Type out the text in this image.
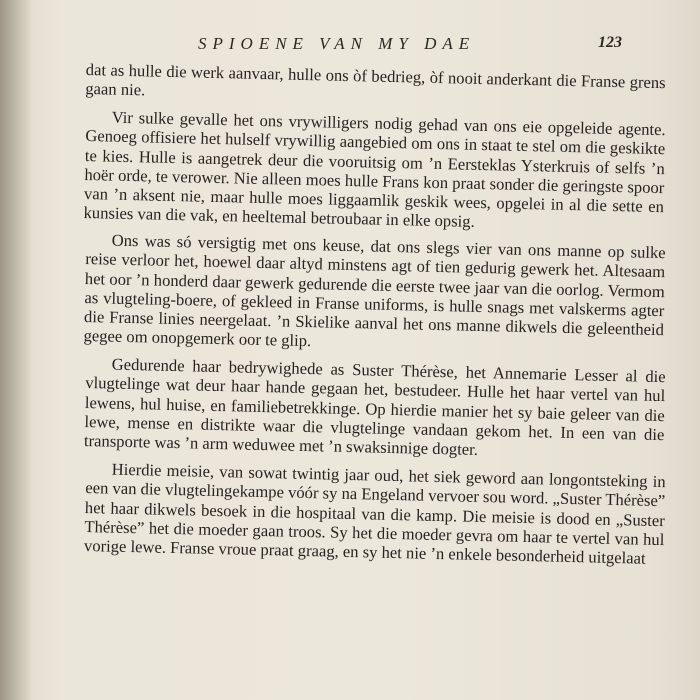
SPIOENE VAN MY DAE	123

dat as hulle die werk aanvaar, hulle ons òf bedrieg, òf nooit anderkant die Franse grens gaan nie.

Vir sulke gevalle het ons vrywilligers nodig gehad van ons eie opgeleide agente. Genoeg offisiere het hulself vrywillig aangebied om ons in staat te stel om die geskikte te kies. Hulle is aangetrek deur die vooruitsig om ’n Eersteklas Ysterkruis of selfs ’n hoër orde, te verower. Nie alleen moes hulle Frans kon praat sonder die geringste spoor van ’n aksent nie, maar hulle moes liggaamlik geskik wees, opgelei in al die sette en kunsies van die vak, en heeltemal betroubaar in elke opsig.

Ons was só versigtig met ons keuse, dat ons slegs vier van ons manne op sulke reise verloor het, hoewel daar altyd minstens agt of tien gedurig gewerk het. Altesaam het oor ’n honderd daar gewerk gedurende die eerste twee jaar van die oorlog. Vermom as vlugteling-boere, of gekleed in Franse uniforms, is hulle snags met valskerms agter die Franse linies neergelaat. ’n Skielike aanval het ons manne dikwels die geleentheid gegee om onopgemerk oor te glip.

Gedurende haar bedrywighede as Suster Thérèse, het Annemarie Lesser al die vlugtelinge wat deur haar hande gegaan het, bestudeer. Hulle het haar vertel van hul lewens, hul huise, en familiebetrekkinge. Op hierdie manier het sy baie geleer van die lewe, mense en distrikte waar die vlugtelinge vandaan gekom het. In een van die transporte was ’n arm weduwee met ’n swaksinnige dogter.

Hierdie meisie, van sowat twintig jaar oud, het siek geword aan longontsteking in een van die vlugtelingekampe vóór sy na Engeland vervoer sou word. „Suster Thérèse” het haar dikwels besoek in die hospitaal van die kamp. Die meisie is dood en „Suster Thérèse” het die moeder gaan troos. Sy het die moeder gevra om haar te vertel van hul vorige lewe. Franse vroue praat graag, en sy het nie ’n enkele besonderheid uitgelaat
